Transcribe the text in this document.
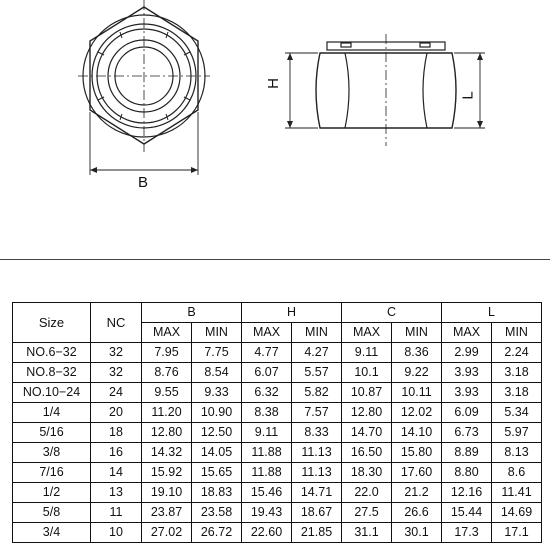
B
H
L
Size	NC	B		H		C		L	
		MAX	MIN	MAX	MIN	MAX	MIN	MAX	MIN
NO.6−32	32	7.95	7.75	4.77	4.27	9.11	8.36	2.99	2.24
NO.8−32	32	8.76	8.54	6.07	5.57	10.1	9.22	3.93	3.18
NO.10−24	24	9.55	9.33	6.32	5.82	10.87	10.11	3.93	3.18
1/4	20	11.20	10.90	8.38	7.57	12.80	12.02	6.09	5.34
5/16	18	12.80	12.50	9.11	8.33	14.70	14.10	6.73	5.97
3/8	16	14.32	14.05	11.88	11.13	16.50	15.80	8.89	8.13
7/16	14	15.92	15.65	11.88	11.13	18.30	17.60	8.80	8.6
1/2	13	19.10	18.83	15.46	14.71	22.0	21.2	12.16	11.41
5/8	11	23.87	23.58	19.43	18.67	27.5	26.6	15.44	14.69
3/4	10	27.02	26.72	22.60	21.85	31.1	30.1	17.3	17.1
